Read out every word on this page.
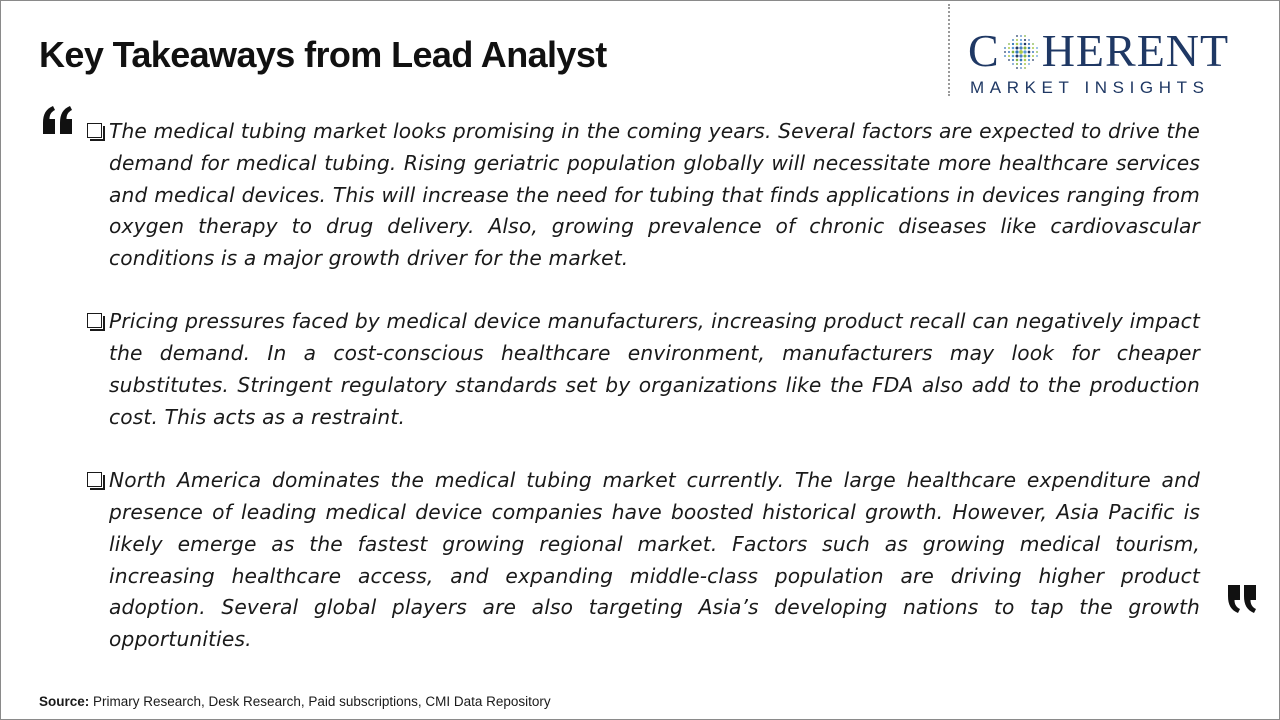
Key Takeaways from Lead Analyst	C HERENT
MARKET INSIGHTS

The medical tubing market looks promising in the coming years. Several factors are expected to drive the demand for medical tubing. Rising geriatric population globally will necessitate more healthcare services and medical devices. This will increase the need for tubing that finds applications in devices ranging from oxygen therapy to drug delivery. Also, growing prevalence of chronic diseases like cardiovascular conditions is a major growth driver for the market.

Pricing pressures faced by medical device manufacturers, increasing product recall can negatively impact the demand. In a cost-conscious healthcare environment, manufacturers may look for cheaper substitutes. Stringent regulatory standards set by organizations like the FDA also add to the production cost. This acts as a restraint.

North America dominates the medical tubing market currently. The large healthcare expenditure and presence of leading medical device companies have boosted historical growth. However, Asia Pacific is likely emerge as the fastest growing regional market. Factors such as growing medical tourism, increasing healthcare access, and expanding middle-class population are driving higher product adoption. Several global players are also targeting Asia’s developing nations to tap the growth opportunities.

Source: Primary Research, Desk Research, Paid subscriptions, CMI Data Repository
